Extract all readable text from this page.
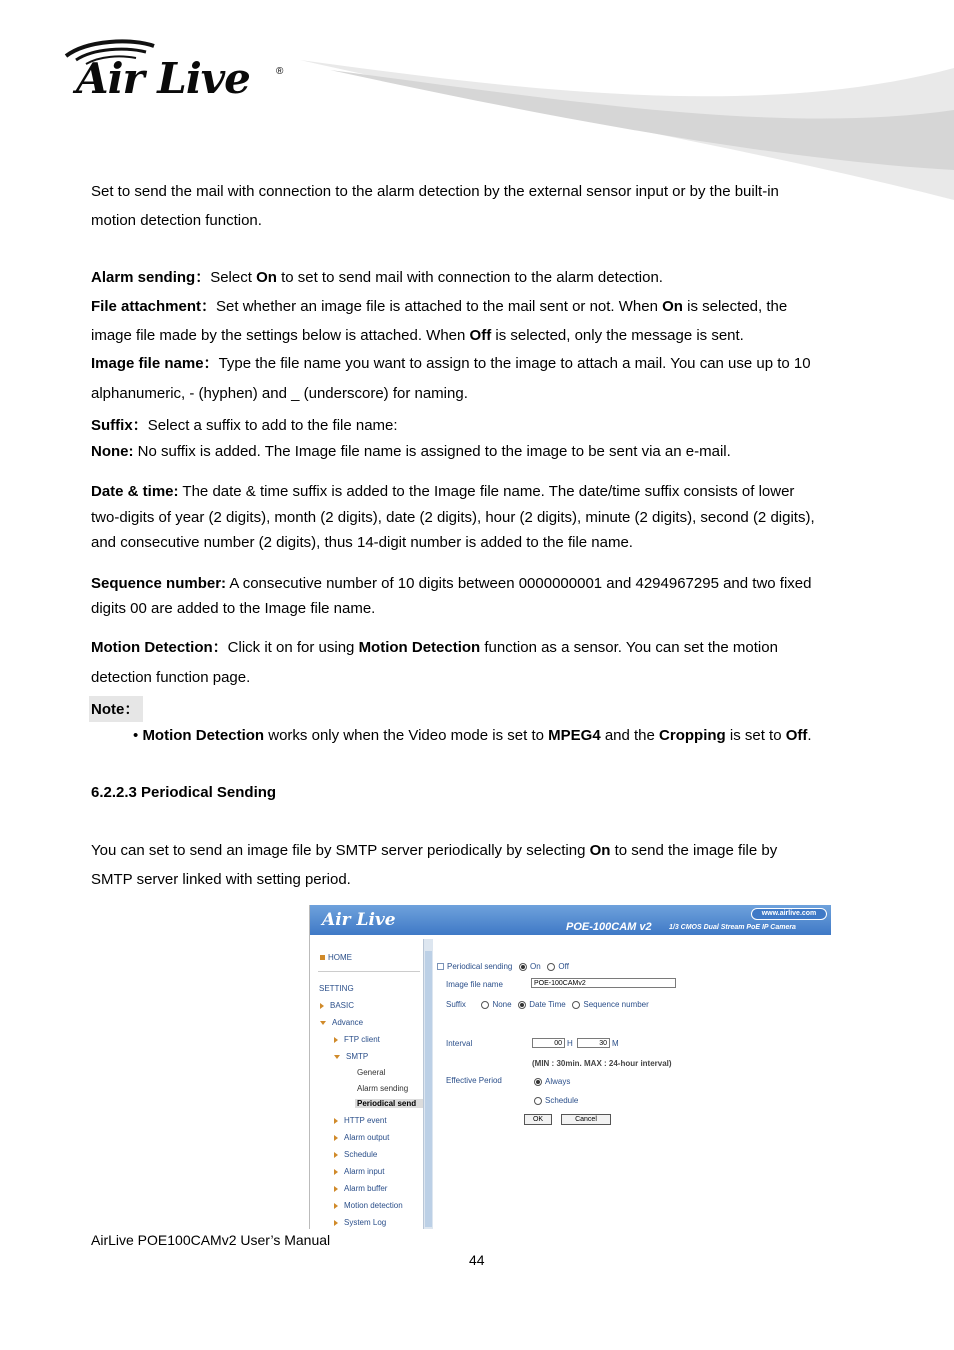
Air Live	®
Set to send the mail with connection to the alarm detection by the external sensor input or by the built-in
motion detection function.
Alarm sending：Select On to set to send mail with connection to the alarm detection.
File attachment：Set whether an image file is attached to the mail sent or not. When On is selected, the
image file made by the settings below is attached. When Off is selected, only the message is sent.
Image file name：Type the file name you want to assign to the image to attach a mail. You can use up to 10
alphanumeric, - (hyphen) and _ (underscore) for naming.
Suffix：Select a suffix to add to the file name:
None: No suffix is added. The Image file name is assigned to the image to be sent via an e-mail.
Date & time: The date & time suffix is added to the Image file name. The date/time suffix consists of lower
two-digits of year (2 digits), month (2 digits), date (2 digits), hour (2 digits), minute (2 digits), second (2 digits),
and consecutive number (2 digits), thus 14-digit number is added to the file name.
Sequence number: A consecutive number of 10 digits between 0000000001 and 4294967295 and two fixed
digits 00 are added to the Image file name.
Motion Detection：Click it on for using Motion Detection function as a sensor. You can set the motion
detection function page.
Note：
• Motion Detection works only when the Video mode is set to MPEG4 and the Cropping is set to Off.
6.2.2.3 Periodical Sending
You can set to send an image file by SMTP server periodically by selecting On to send the image file by
SMTP server linked with setting period.
Air Live	POE-100CAM v2 1/3 CMOS Dual Stream PoE IP Camera
www.airlive.com
HOME
SETTING
BASIC
Advance
FTP client
SMTP
General
Alarm sending
Periodical send
HTTP event
Alarm output
Schedule
Alarm input
Alarm buffer
Motion detection
System Log
Periodical sending On Off
Image file name	POE-100CAMv2
Suffix	None Date Time Sequence number
Interval	00 H	30 M
(MIN : 30min. MAX : 24-hour interval)
Effective Period	Always
Schedule
OK	Cancel
AirLive POE100CAMv2 User’s Manual
44
